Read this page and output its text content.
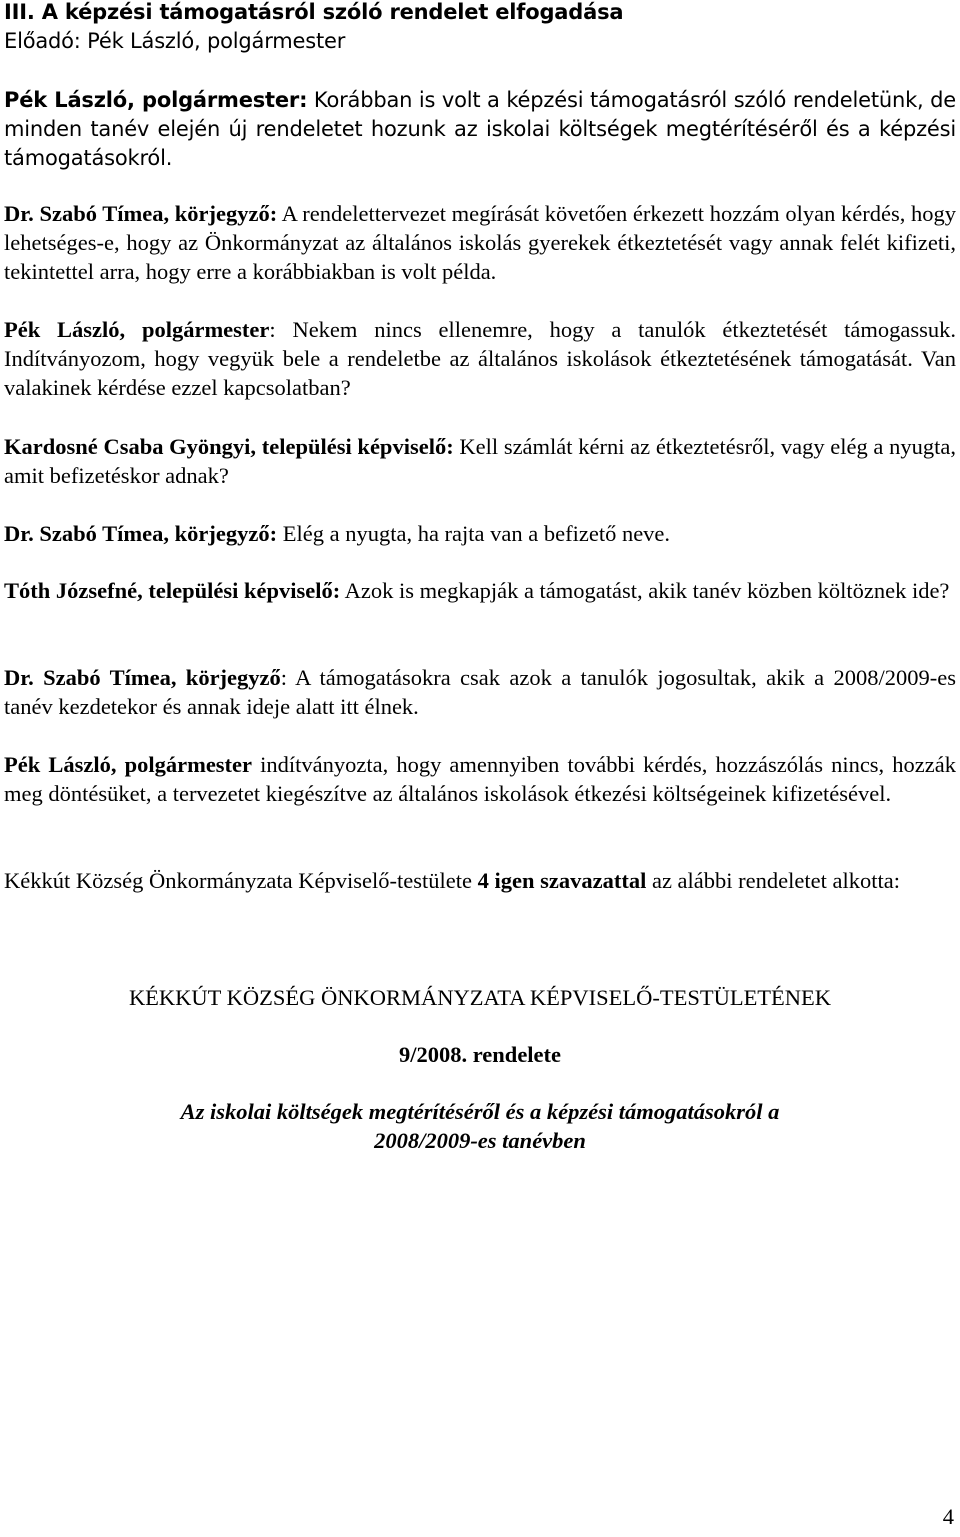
III. A képzési támogatásról szóló rendelet elfogadása
Előadó: Pék László, polgármester

Pék László, polgármester: Korábban is volt a képzési támogatásról szóló rendeletünk, de minden tanév elején új rendeletet hozunk az iskolai költségek megtérítéséről és a képzési támogatásokról.

Dr. Szabó Tímea, körjegyző: A rendelettervezet megírását követően érkezett hozzám olyan kérdés, hogy lehetséges-e, hogy az Önkormányzat az általános iskolás gyerekek étkeztetését vagy annak felét kifizeti, tekintettel arra, hogy erre a korábbiakban is volt példa.

Pék László, polgármester: Nekem nincs ellenemre, hogy a tanulók étkeztetését támogassuk. Indítványozom, hogy vegyük bele a rendeletbe az általános iskolások étkeztetésének támogatását. Van valakinek kérdése ezzel kapcsolatban?

Kardosné Csaba Gyöngyi, települési képviselő: Kell számlát kérni az étkeztetésről, vagy elég a nyugta, amit befizetéskor adnak?

Dr. Szabó Tímea, körjegyző: Elég a nyugta, ha rajta van a befizető neve.

Tóth Józsefné, települési képviselő: Azok is megkapják a támogatást, akik tanév közben költöznek ide?

Dr. Szabó Tímea, körjegyző: A támogatásokra csak azok a tanulók jogosultak, akik a 2008/2009-es tanév kezdetekor és annak ideje alatt itt élnek.

Pék László, polgármester indítványozta, hogy amennyiben további kérdés, hozzászólás nincs, hozzák meg döntésüket, a tervezetet kiegészítve az általános iskolások étkezési költségeinek kifizetésével.

Kékkút Község Önkormányzata Képviselő-testülete 4 igen szavazattal az alábbi rendeletet alkotta:

KÉKKÚT KÖZSÉG ÖNKORMÁNYZATA KÉPVISELŐ-TESTÜLETÉNEK

9/2008. rendelete

Az iskolai költségek megtérítéséről és a képzési támogatásokról a
2008/2009-es tanévben

4
